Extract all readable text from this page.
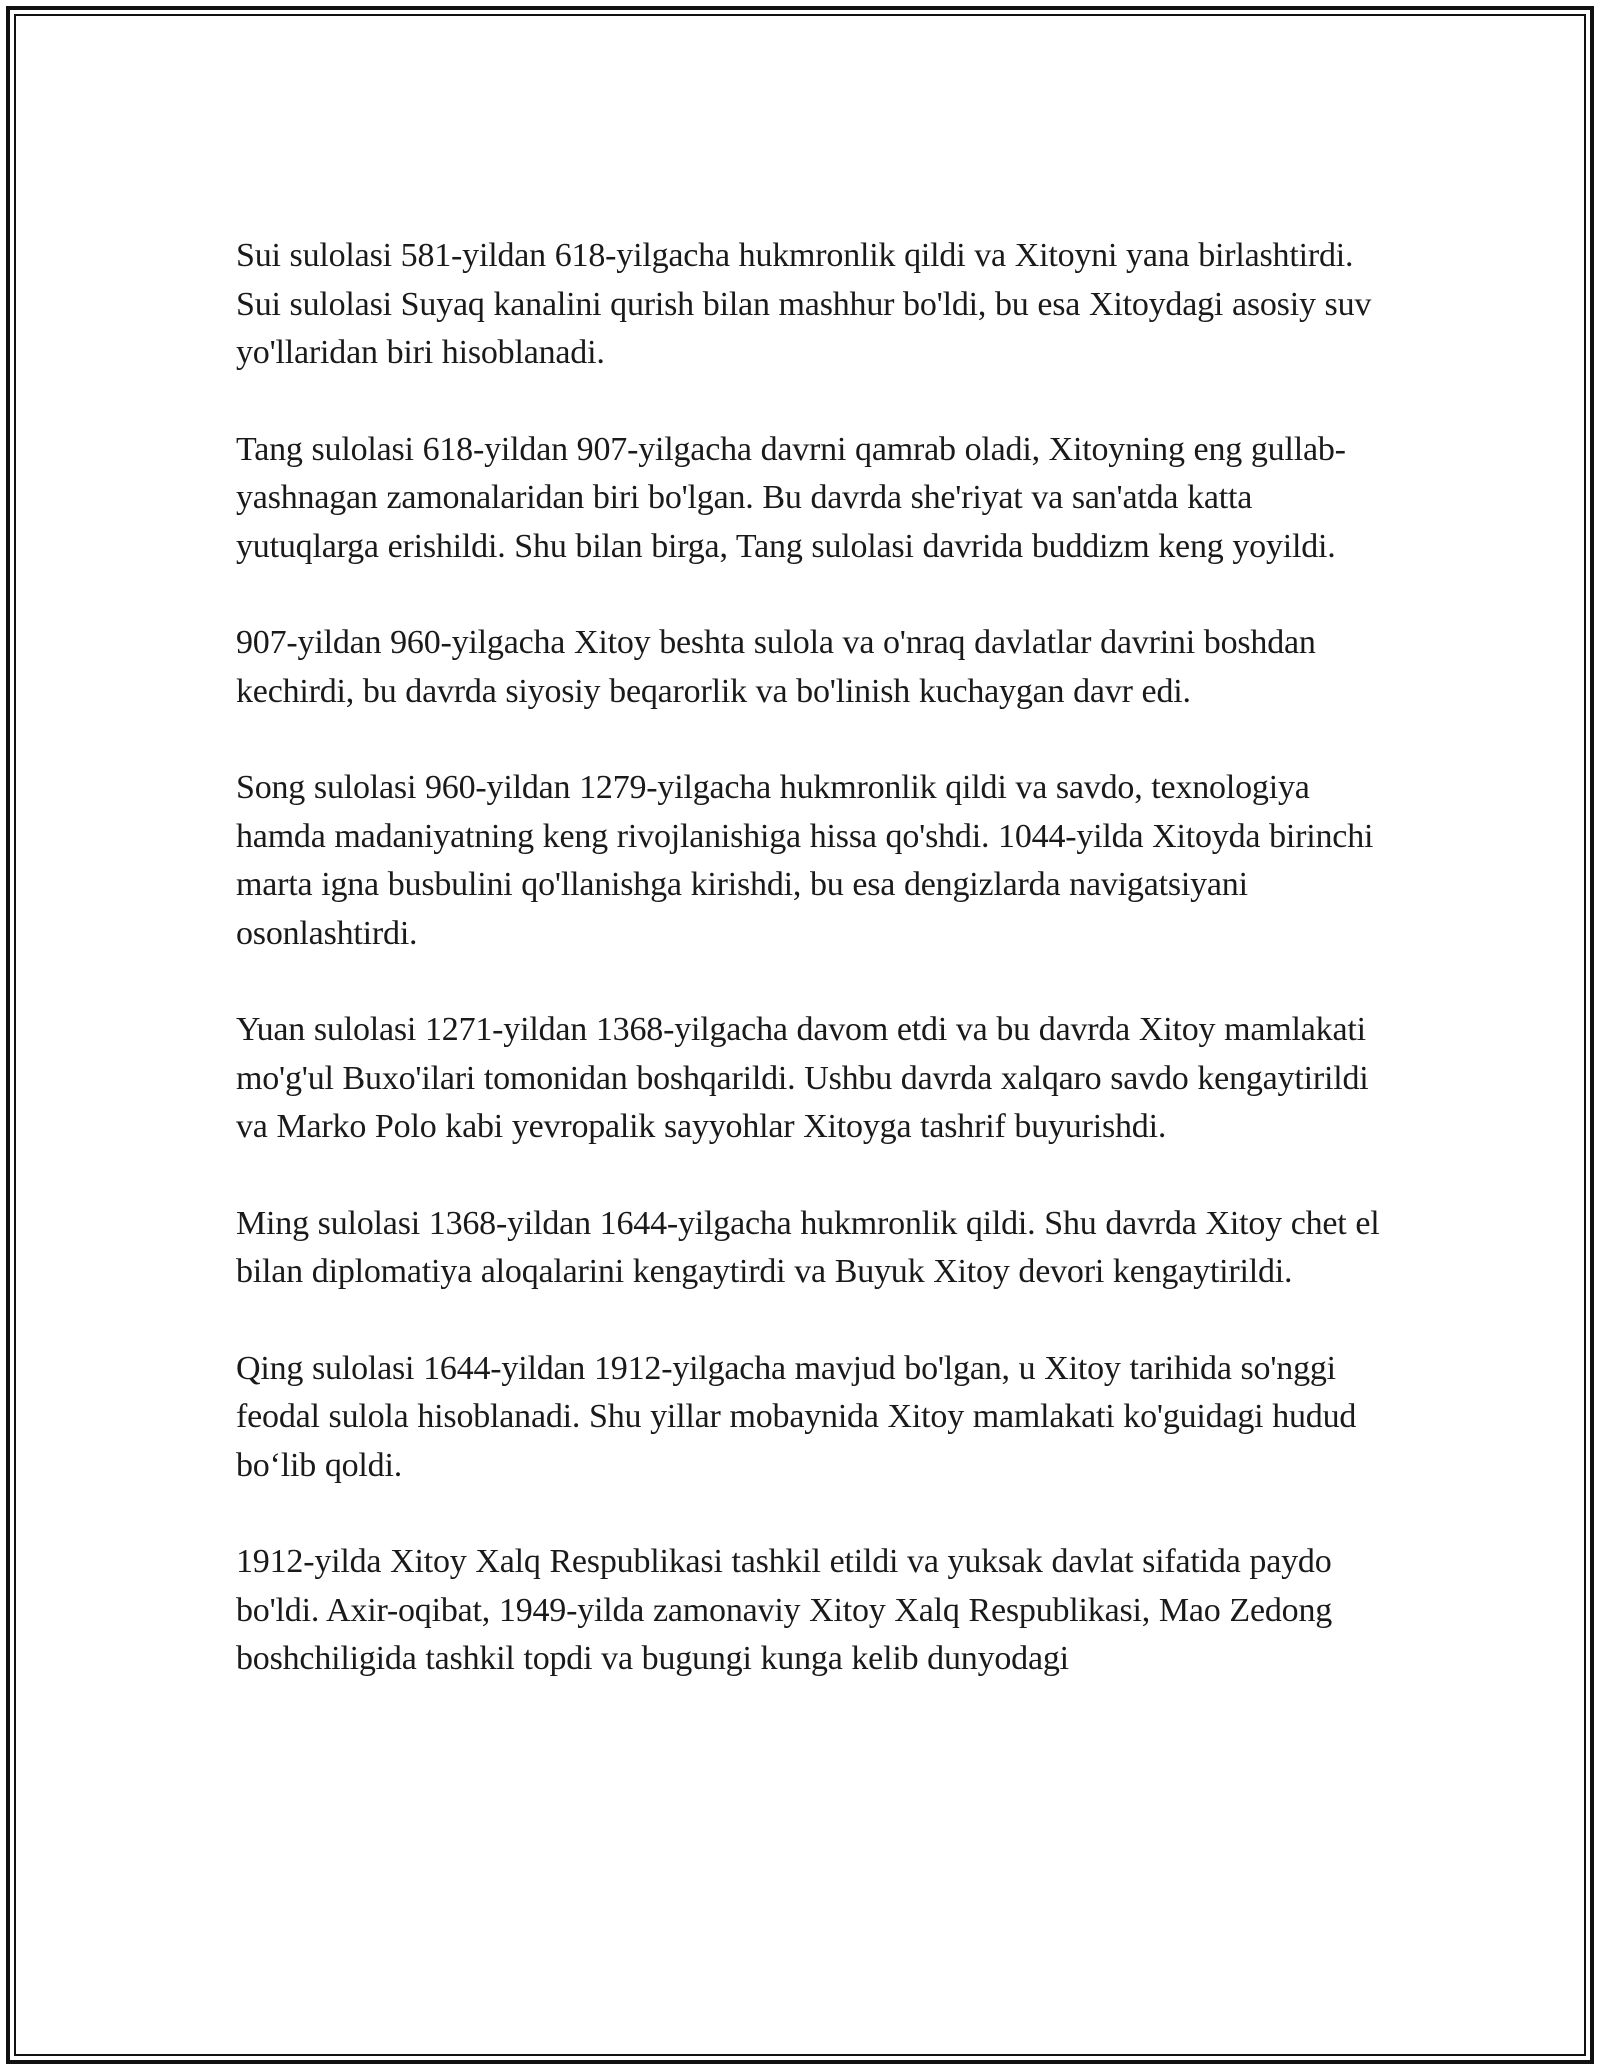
Sui sulolasi 581-yildan 618-yilgacha hukmronlik qildi va Xitoyni yana birlashtirdi. Sui sulolasi Suyaq kanalini qurish bilan mashhur bo'ldi, bu esa Xitoydagi asosiy suv yo'llaridan biri hisoblanadi.

Tang sulolasi 618-yildan 907-yilgacha davrni qamrab oladi, Xitoyning eng gullab-yashnagan zamonalaridan biri bo'lgan. Bu davrda she'riyat va san'atda katta yutuqlarga erishildi. Shu bilan birga, Tang sulolasi davrida buddizm keng yoyildi.

907-yildan 960-yilgacha Xitoy beshta sulola va o'nraq davlatlar davrini boshdan kechirdi, bu davrda siyosiy beqarorlik va bo'linish kuchaygan davr edi.

Song sulolasi 960-yildan 1279-yilgacha hukmronlik qildi va savdo, texnologiya hamda madaniyatning keng rivojlanishiga hissa qo'shdi. 1044-yilda Xitoyda birinchi marta igna busbulini qo'llanishga kirishdi, bu esa dengizlarda navigatsiyani osonlashtirdi.

Yuan sulolasi 1271-yildan 1368-yilgacha davom etdi va bu davrda Xitoy mamlakati mo'g'ul Buxo'ilari tomonidan boshqarildi. Ushbu davrda xalqaro savdo kengaytirildi va Marko Polo kabi yevropalik sayyohlar Xitoyga tashrif buyurishdi.

Ming sulolasi 1368-yildan 1644-yilgacha hukmronlik qildi. Shu davrda Xitoy chet el bilan diplomatiya aloqalarini kengaytirdi va Buyuk Xitoy devori kengaytirildi.

Qing sulolasi 1644-yildan 1912-yilgacha mavjud bo'lgan, u Xitoy tarihida so'nggi feodal sulola hisoblanadi. Shu yillar mobaynida Xitoy mamlakati ko'guidagi hudud bo‘lib qoldi.

1912-yilda Xitoy Xalq Respublikasi tashkil etildi va yuksak davlat sifatida paydo bo'ldi. Axir-oqibat, 1949-yilda zamonaviy Xitoy Xalq Respublikasi, Mao Zedong boshchiligida tashkil topdi va bugungi kunga kelib dunyodagi
